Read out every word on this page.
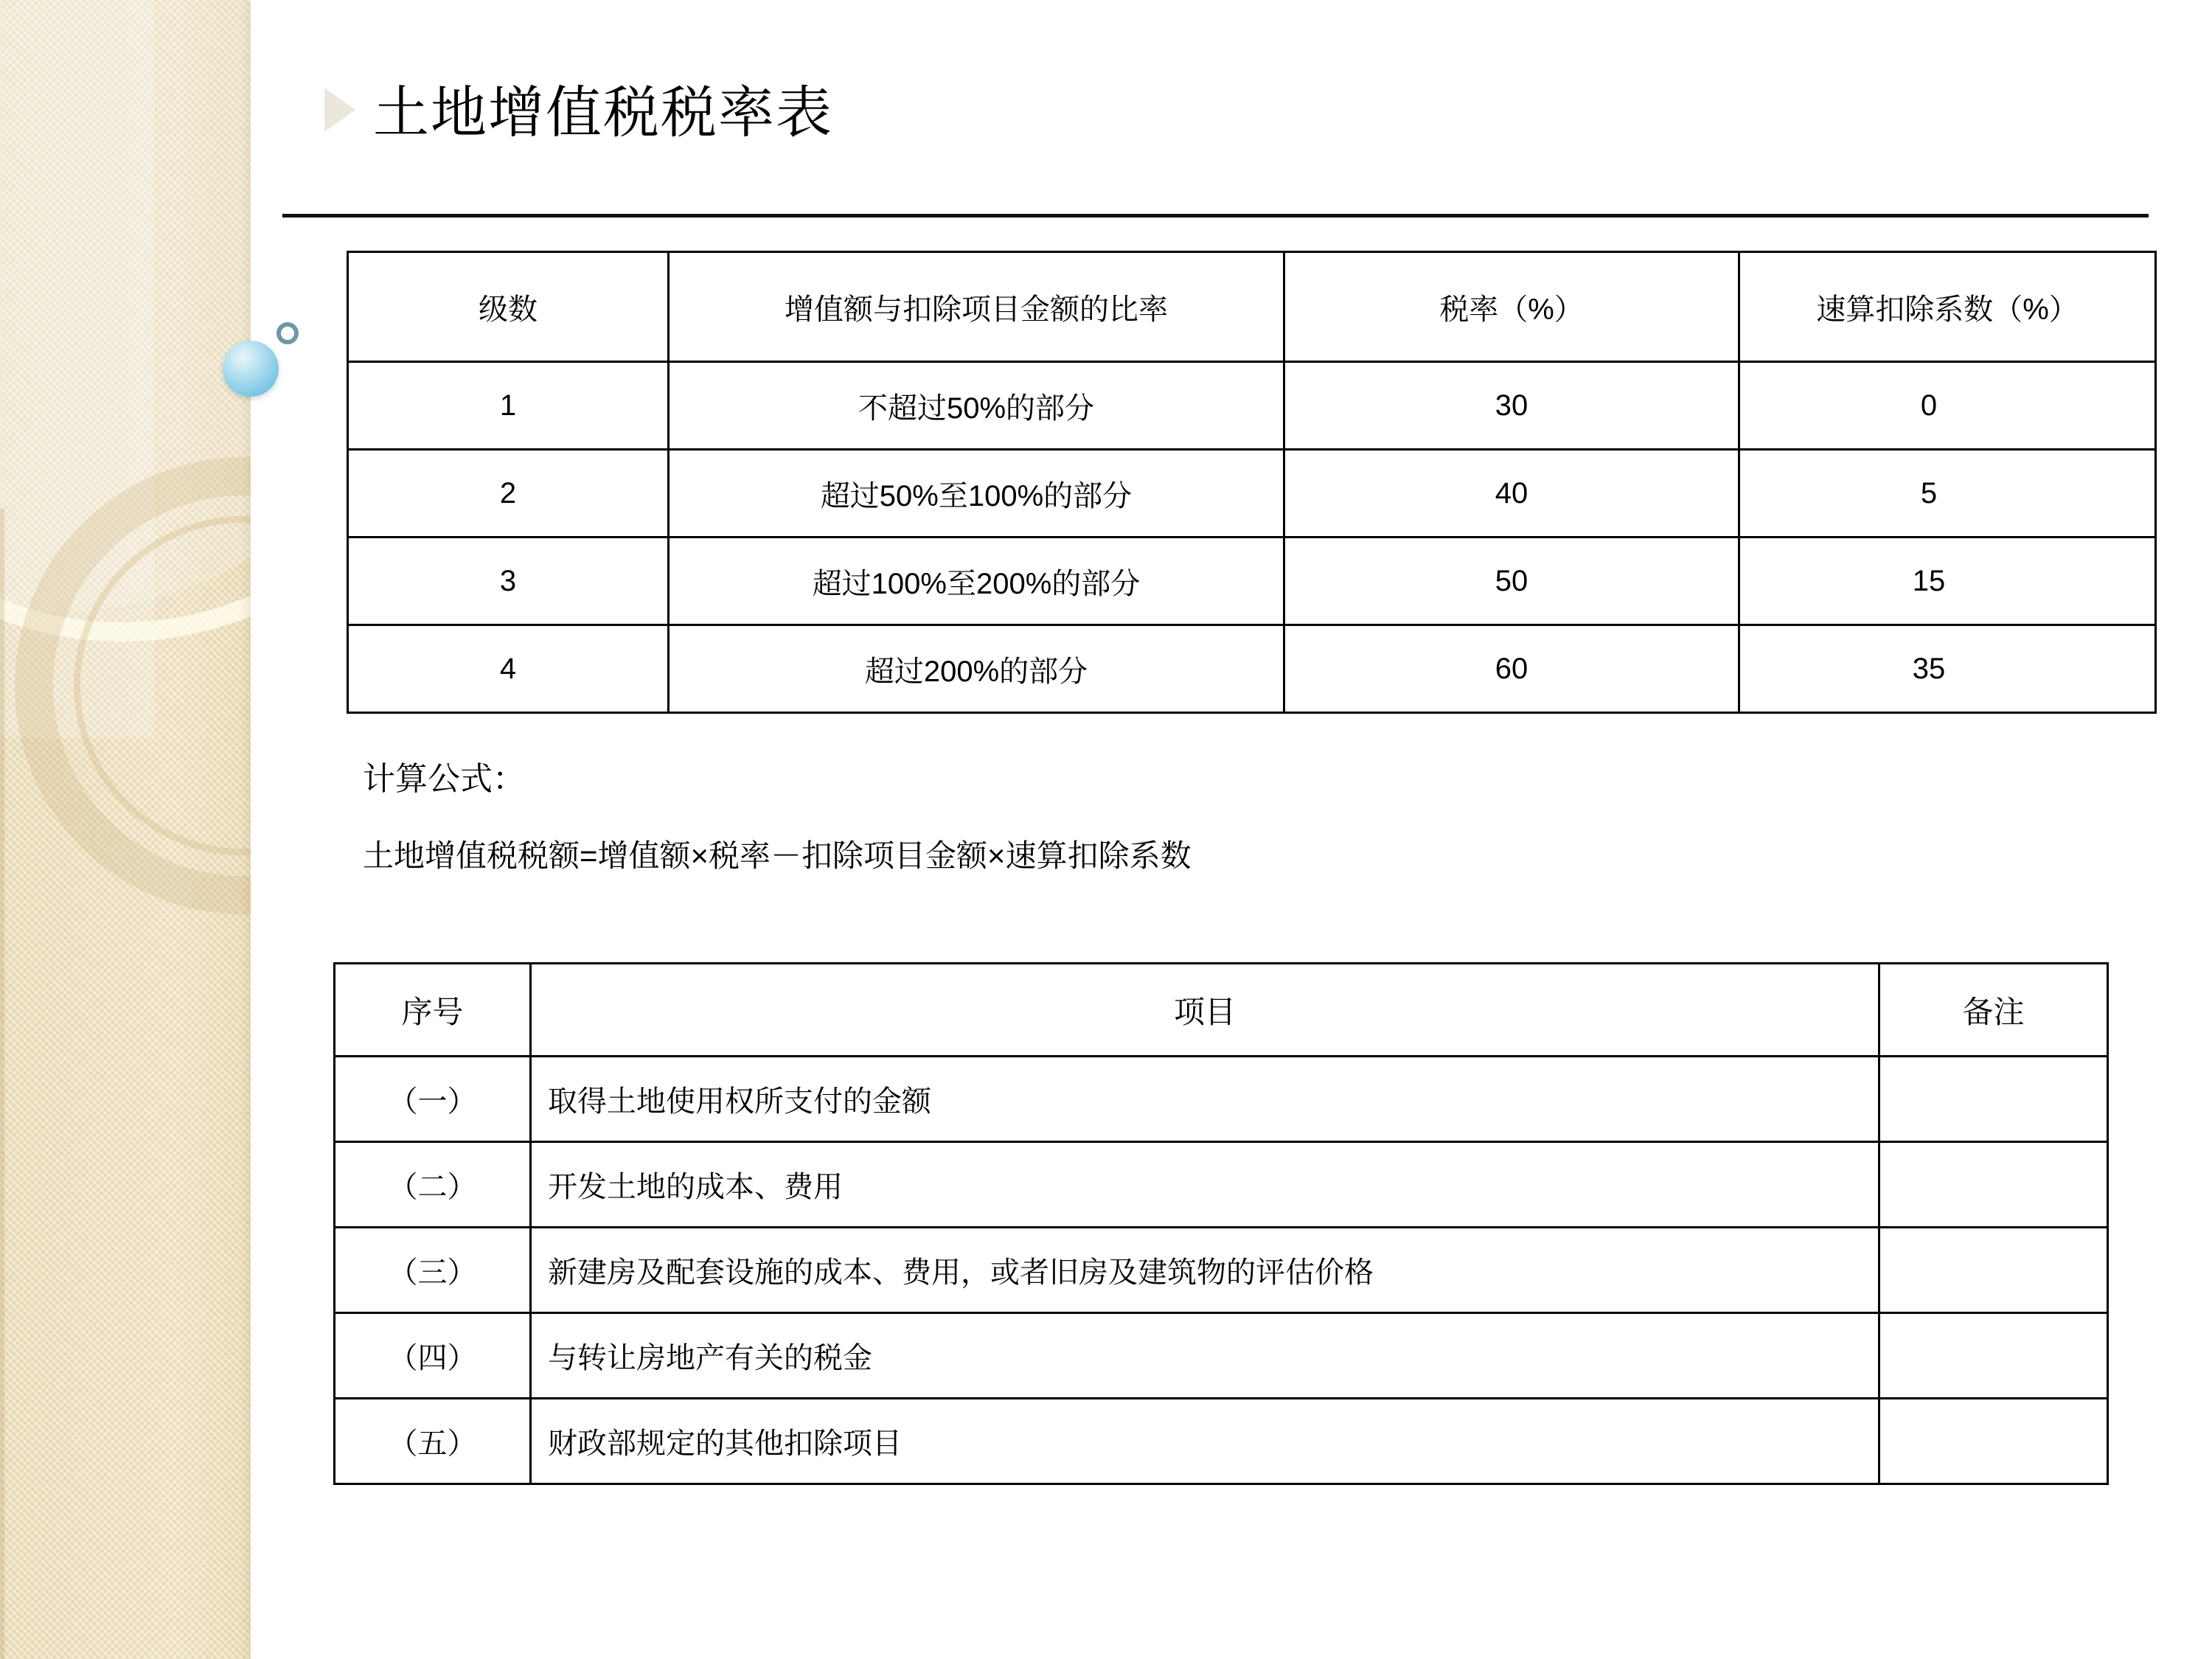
土地增值税税率表
级数	增值额与扣除项目金额的比率	税率（%）	速算扣除系数（%）
1	不超过50%的部分	30	0
2	超过50%至100%的部分	40	5
3	超过100%至200%的部分	50	15
4	超过200%的部分	60	35
计算公式：
土地增值税税额=增值额×税率－扣除项目金额×速算扣除系数
序号	项目	备注
（一）	取得土地使用权所支付的金额	
（二）	开发土地的成本、费用	
（三）	新建房及配套设施的成本、费用，或者旧房及建筑物的评估价格	
（四）	与转让房地产有关的税金	
（五）	财政部规定的其他扣除项目	
